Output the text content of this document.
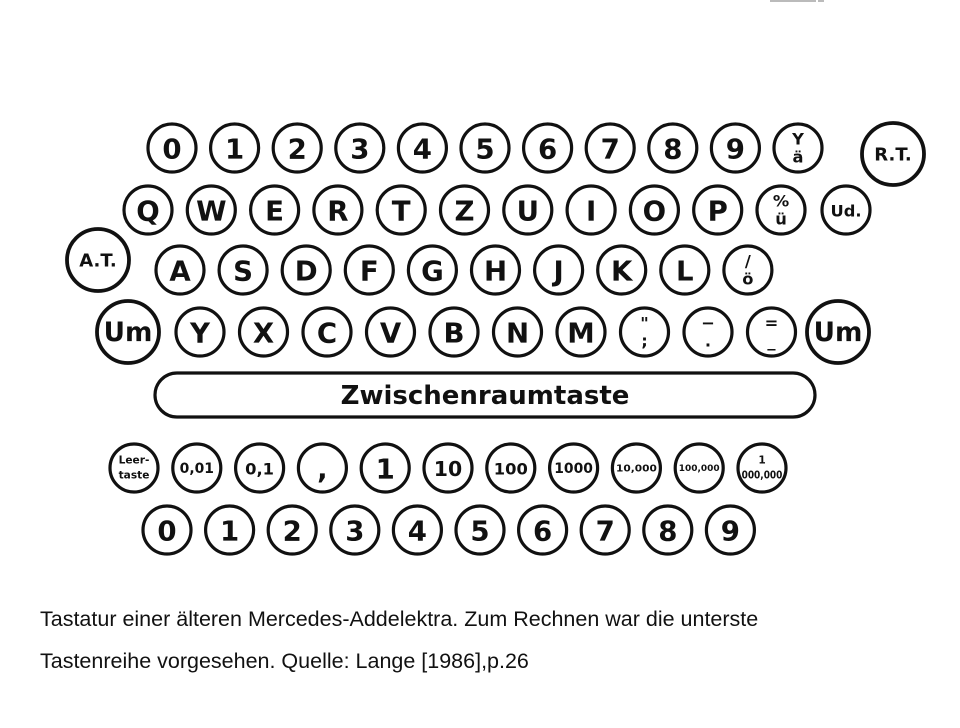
0 1 2 3 4 5 6 7 8 9	Y
ä	R.T.
Q W E R T Z U I O P	%
ü	Ud.
A.T. A S D F G H J K L	/
ö
Um Y X C V B N M	"
;
−
.
=
_ Um
Zwischenraumtaste
Leer-
taste 0,01 0,1 , 1 10 100 1000 10,000	100,000
1
000,000
0 1 2 3 4 5 6 7 8 9

Tastatur einer älteren Mercedes-Addelektra. Zum Rechnen war die unterste

Tastenreihe vorgesehen. Quelle: Lange [1986],p.26
